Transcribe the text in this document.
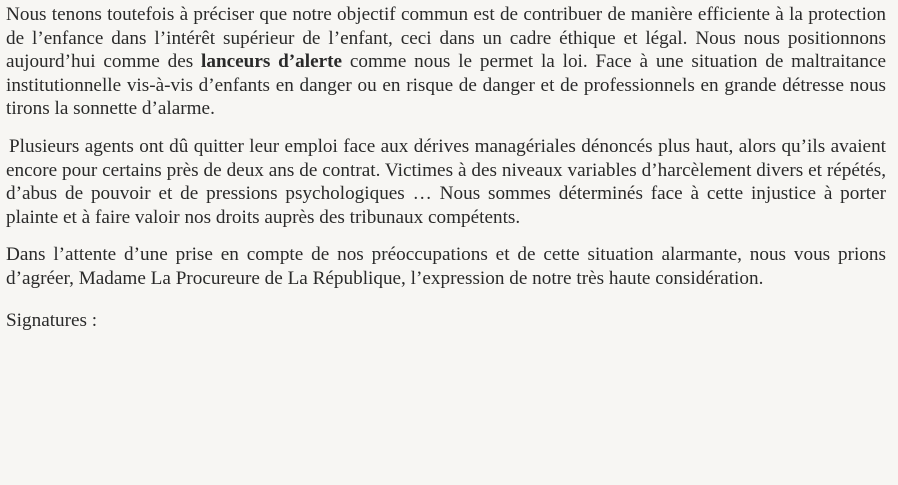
Nous tenons toutefois à préciser que notre objectif commun est de contribuer de manière efficiente à la protection de l’enfance dans l’intérêt supérieur de l’enfant, ceci dans un cadre éthique et légal. Nous nous positionnons aujourd’hui comme des lanceurs d’alerte comme nous le permet la loi. Face à une situation de maltraitance institutionnelle vis-à-vis d’enfants en danger ou en risque de danger et de professionnels en grande détresse nous tirons la sonnette d’alarme.

Plusieurs agents ont dû quitter leur emploi face aux dérives managériales dénoncés plus haut, alors qu’ils avaient encore pour certains près de deux ans de contrat. Victimes à des niveaux variables d’harcèlement divers et répétés, d’abus de pouvoir et de pressions psychologiques … Nous sommes déterminés face à cette injustice à porter plainte et à faire valoir nos droits auprès des tribunaux compétents.

Dans l’attente d’une prise en compte de nos préoccupations et de cette situation alarmante, nous vous prions d’agréer, Madame La Procureure de La République, l’expression de notre très haute considération.

Signatures :
